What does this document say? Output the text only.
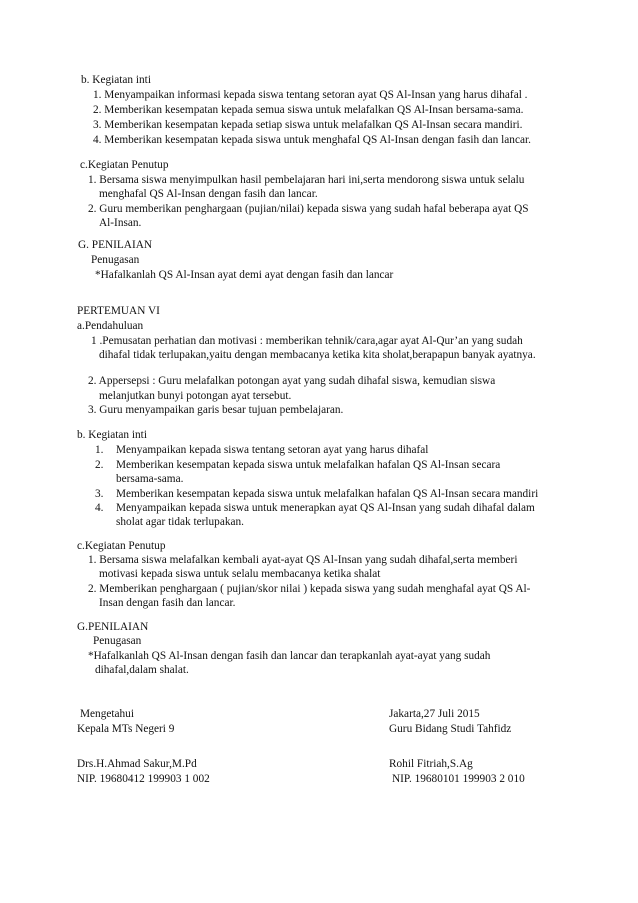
b. Kegiatan inti
1. Menyampaikan informasi kepada siswa tentang setoran ayat QS Al-Insan yang harus dihafal .
2. Memberikan kesempatan kepada semua siswa untuk melafalkan QS Al-Insan bersama-sama.
3. Memberikan kesempatan kepada setiap siswa untuk melafalkan QS Al-Insan secara mandiri.
4. Memberikan kesempatan kepada siswa untuk menghafal QS Al-Insan dengan fasih dan lancar.
c.Kegiatan Penutup
1. Bersama siswa menyimpulkan hasil pembelajaran hari ini,serta mendorong siswa untuk selalu
menghafal QS Al-Insan dengan fasih dan lancar.
2. Guru memberikan penghargaan (pujian/nilai) kepada siswa yang sudah hafal beberapa ayat QS
Al-Insan.
G. PENILAIAN
Penugasan
*Hafalkanlah QS Al-Insan ayat demi ayat dengan fasih dan lancar
PERTEMUAN VI
a.Pendahuluan
1 .Pemusatan perhatian dan motivasi : memberikan tehnik/cara,agar ayat Al-Qur’an yang sudah
dihafal tidak terlupakan,yaitu dengan membacanya ketika kita sholat,berapapun banyak ayatnya.
2. Appersepsi : Guru melafalkan potongan ayat yang sudah dihafal siswa, kemudian siswa
melanjutkan bunyi potongan ayat tersebut.
3. Guru menyampaikan garis besar tujuan pembelajaran.
b. Kegiatan inti
1. Menyampaikan kepada siswa tentang setoran ayat yang harus dihafal
2. Memberikan kesempatan kepada siswa untuk melafalkan hafalan QS Al-Insan secara
bersama-sama.
3. Memberikan kesempatan kepada siswa untuk melafalkan hafalan QS Al-Insan secara mandiri
4. Menyampaikan kepada siswa untuk menerapkan ayat QS Al-Insan yang sudah dihafal dalam
sholat agar tidak terlupakan.
c.Kegiatan Penutup
1. Bersama siswa melafalkan kembali ayat-ayat QS Al-Insan yang sudah dihafal,serta memberi
motivasi kepada siswa untuk selalu membacanya ketika shalat
2. Memberikan penghargaan ( pujian/skor nilai ) kepada siswa yang sudah menghafal ayat QS Al-
Insan dengan fasih dan lancar.
G.PENILAIAN
Penugasan
*Hafalkanlah QS Al-Insan dengan fasih dan lancar dan terapkanlah ayat-ayat yang sudah
dihafal,dalam shalat.
Mengetahui	Jakarta,27 Juli 2015
Kepala MTs Negeri 9	Guru Bidang Studi Tahfidz
Drs.H.Ahmad Sakur,M.Pd	Rohil Fitriah,S.Ag
NIP. 19680412 199903 1 002	NIP. 19680101 199903 2 010
